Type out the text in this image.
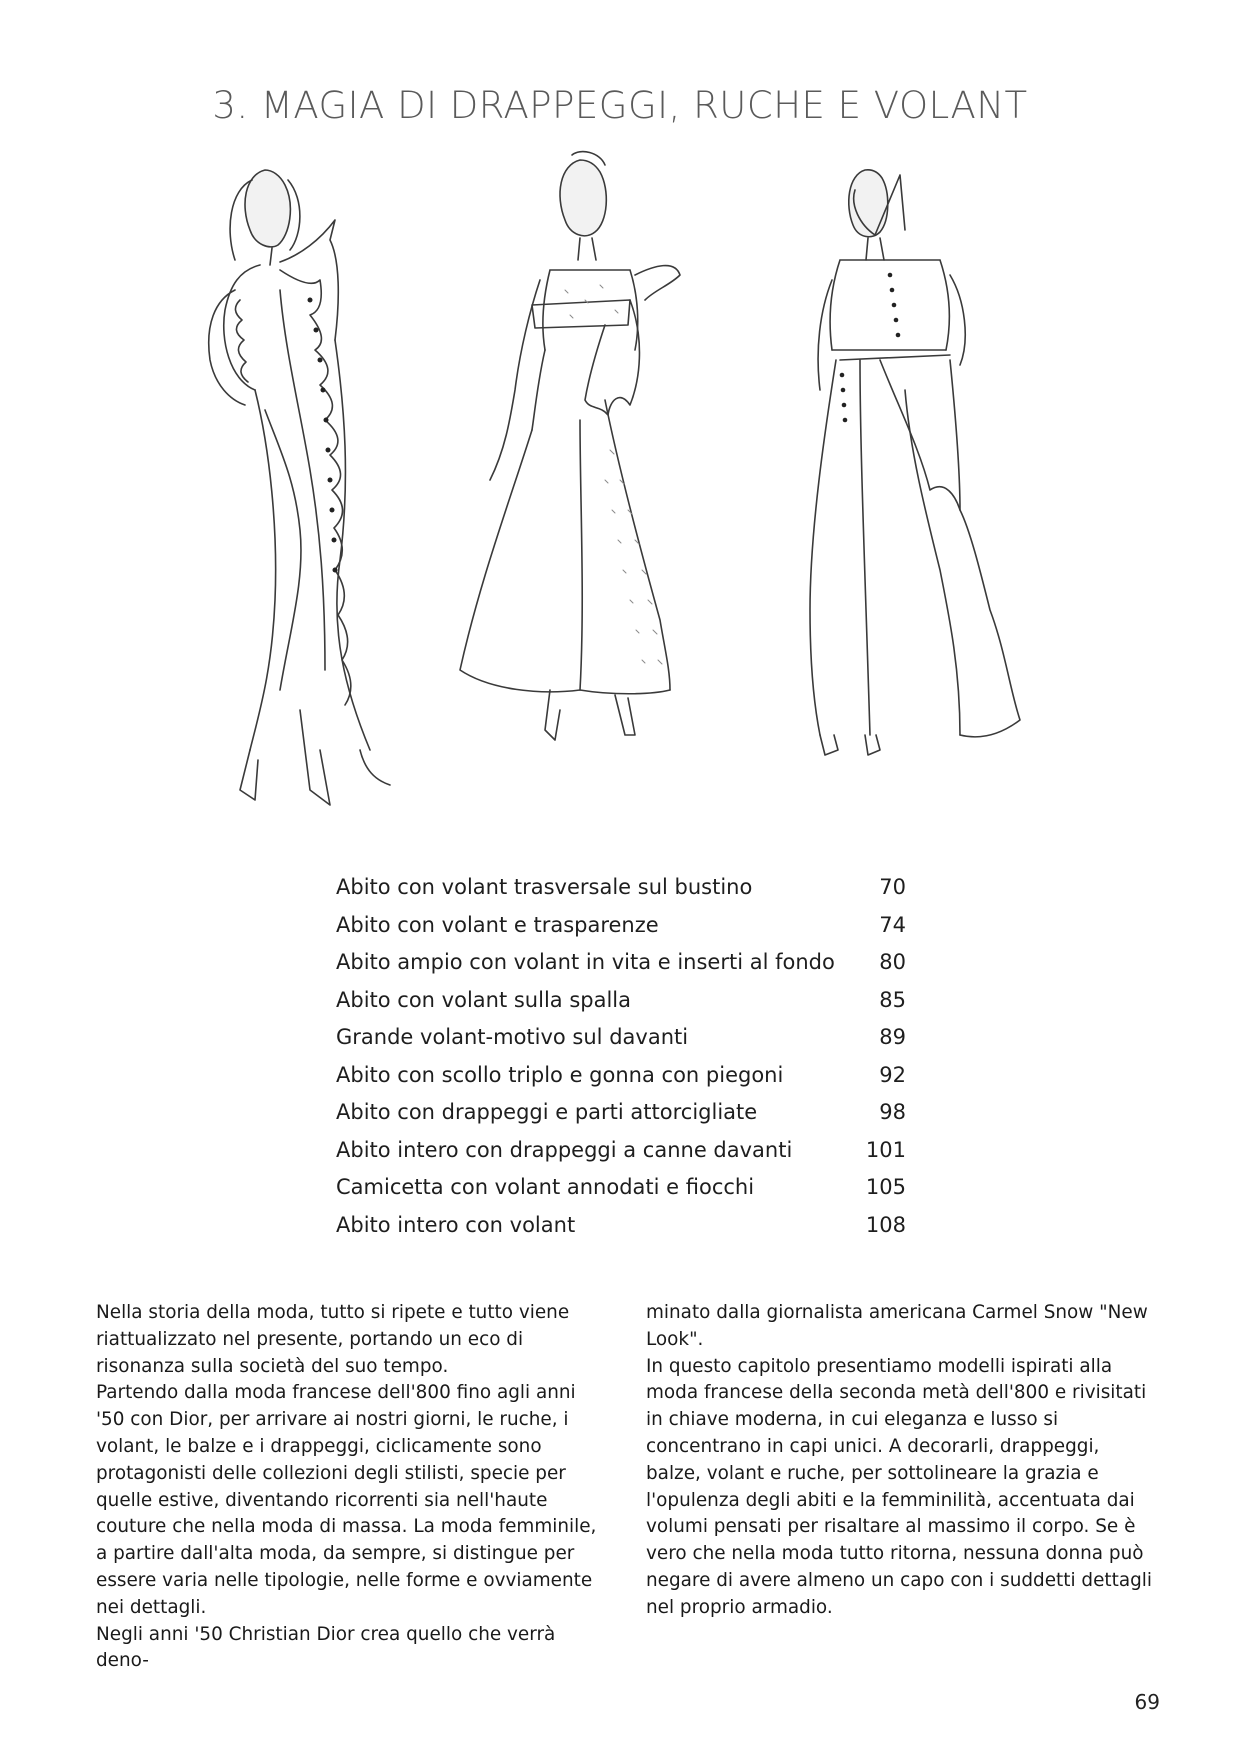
3. MAGIA DI DRAPPEGGI, RUCHE E VOLANT
Abito con volant trasversale sul bustino	70
Abito con volant e trasparenze	74
Abito ampio con volant in vita e inserti al fondo	80
Abito con volant sulla spalla	85
Grande volant-motivo sul davanti	89
Abito con scollo triplo e gonna con piegoni	92
Abito con drappeggi e parti attorcigliate	98
Abito intero con drappeggi a canne davanti	101
Camicetta con volant annodati e fiocchi	105
Abito intero con volant	108

Nella storia della moda, tutto si ripete e tutto viene riattualizzato nel presente, portando un eco di risonanza sulla società del suo tempo.

Partendo dalla moda francese dell'800 fino agli anni '50 con Dior, per arrivare ai nostri giorni, le ruche, i volant, le balze e i drappeggi, ciclicamente sono protagonisti delle collezioni degli stilisti, specie per quelle estive, diventando ricorrenti sia nell'haute couture che nella moda di massa. La moda femminile, a partire dall'alta moda, da sempre, si distingue per essere varia nelle tipologie, nelle forme e ovviamente nei dettagli.

Negli anni '50 Christian Dior crea quello che verrà deno-

minato dalla giornalista americana Carmel Snow "New Look".

In questo capitolo presentiamo modelli ispirati alla moda francese della seconda metà dell'800 e rivisitati in chiave moderna, in cui eleganza e lusso si concentrano in capi unici. A decorarli, drappeggi, balze, volant e ruche, per sottolineare la grazia e l'opulenza degli abiti e la femminilità, accentuata dai volumi pensati per risaltare al massimo il corpo. Se è vero che nella moda tutto ritorna, nessuna donna può negare di avere almeno un capo con i suddetti dettagli nel proprio armadio.

69
